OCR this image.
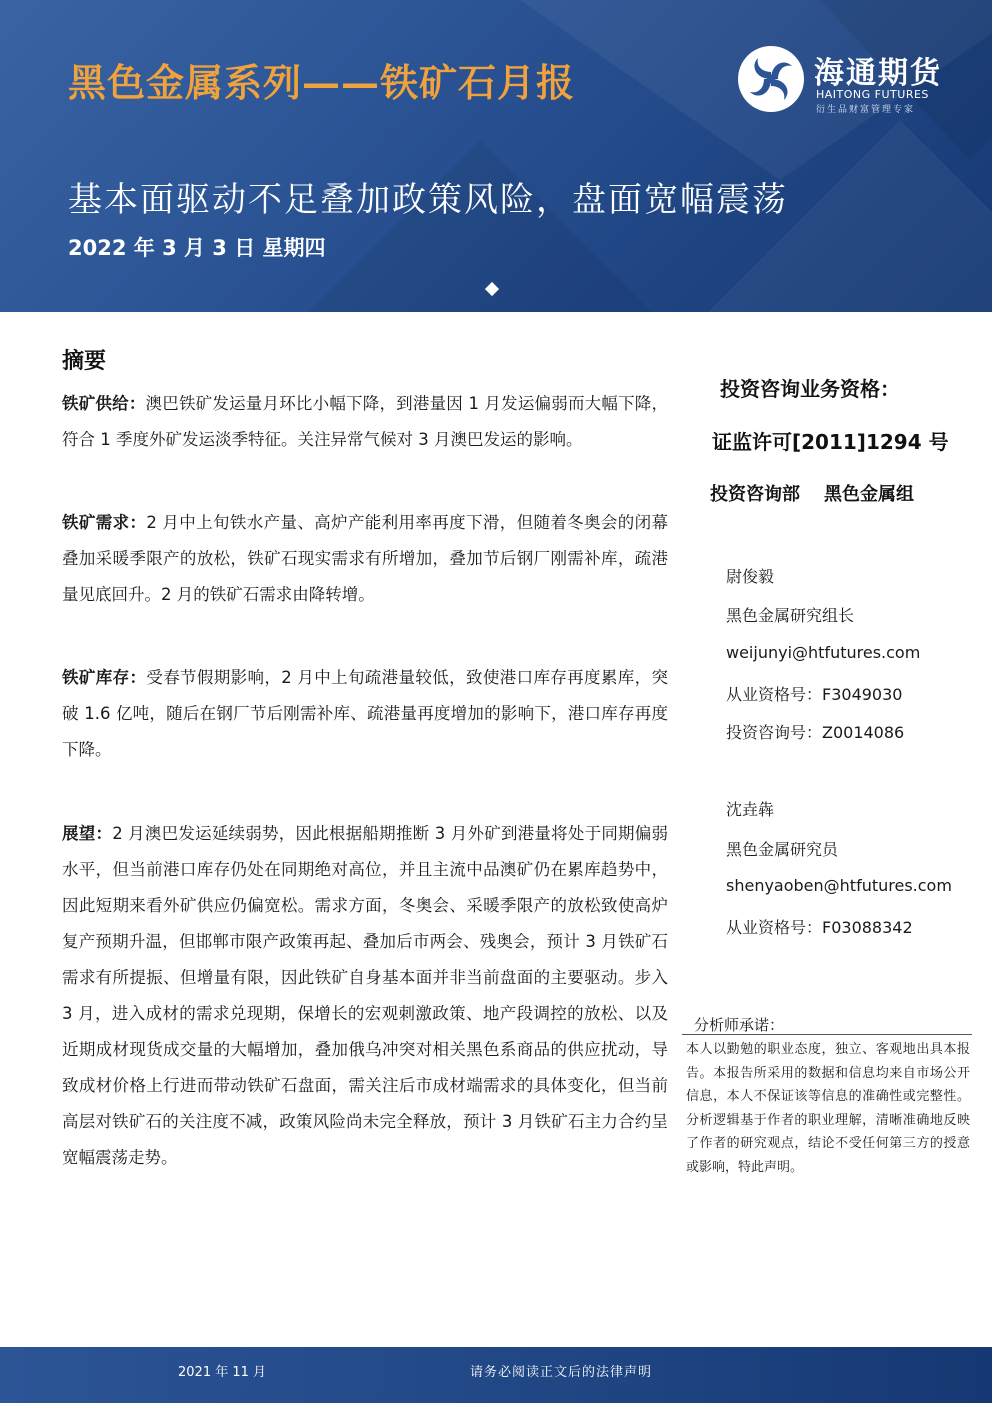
黑色金属系列——铁矿石月报	海通期货
HAITONG FUTURES
衍生品财富管理专家
基本面驱动不足叠加政策风险，盘面宽幅震荡
2022 年 3 月 3 日 星期四
摘要
铁矿供给：澳巴铁矿发运量月环比小幅下降，到港量因 1 月发运偏弱而大幅下降，符合 1 季度外矿发运淡季特征。关注异常气候对 3 月澳巴发运的影响。
铁矿需求：2 月中上旬铁水产量、高炉产能利用率再度下滑，但随着冬奥会的闭幕叠加采暖季限产的放松，铁矿石现实需求有所增加，叠加节后钢厂刚需补库，疏港量见底回升。2 月的铁矿石需求由降转增。
铁矿库存：受春节假期影响，2 月中上旬疏港量较低，致使港口库存再度累库，突破 1.6 亿吨，随后在钢厂节后刚需补库、疏港量再度增加的影响下，港口库存再度下降。
展望：2 月澳巴发运延续弱势，因此根据船期推断 3 月外矿到港量将处于同期偏弱水平，但当前港口库存仍处在同期绝对高位，并且主流中品澳矿仍在累库趋势中，因此短期来看外矿供应仍偏宽松。需求方面，冬奥会、采暖季限产的放松致使高炉复产预期升温，但邯郸市限产政策再起、叠加后市两会、残奥会，预计 3 月铁矿石需求有所提振、但增量有限，因此铁矿自身基本面并非当前盘面的主要驱动。步入 3 月，进入成材的需求兑现期，保增长的宏观刺激政策、地产段调控的放松、以及近期成材现货成交量的大幅增加，叠加俄乌冲突对相关黑色系商品的供应扰动，导致成材价格上行进而带动铁矿石盘面，需关注后市成材端需求的具体变化，但当前高层对铁矿石的关注度不减，政策风险尚未完全释放，预计 3 月铁矿石主力合约呈宽幅震荡走势。
投资咨询业务资格：
证监许可[2011]1294 号
投资咨询部 黑色金属组
尉俊毅
黑色金属研究组长
weijunyi@htfutures.com
从业资格号：F3049030
投资咨询号：Z0014086
沈垚犇
黑色金属研究员
shenyaoben@htfutures.com
从业资格号：F03088342
分析师承诺：
本人以勤勉的职业态度，独立、客观地出具本报告。本报告所采用的数据和信息均来自市场公开信息，本人不保证该等信息的准确性或完整性。分析逻辑基于作者的职业理解，清晰准确地反映了作者的研究观点，结论不受任何第三方的授意或影响，特此声明。
2021 年 11 月	请务必阅读正文后的法律声明
